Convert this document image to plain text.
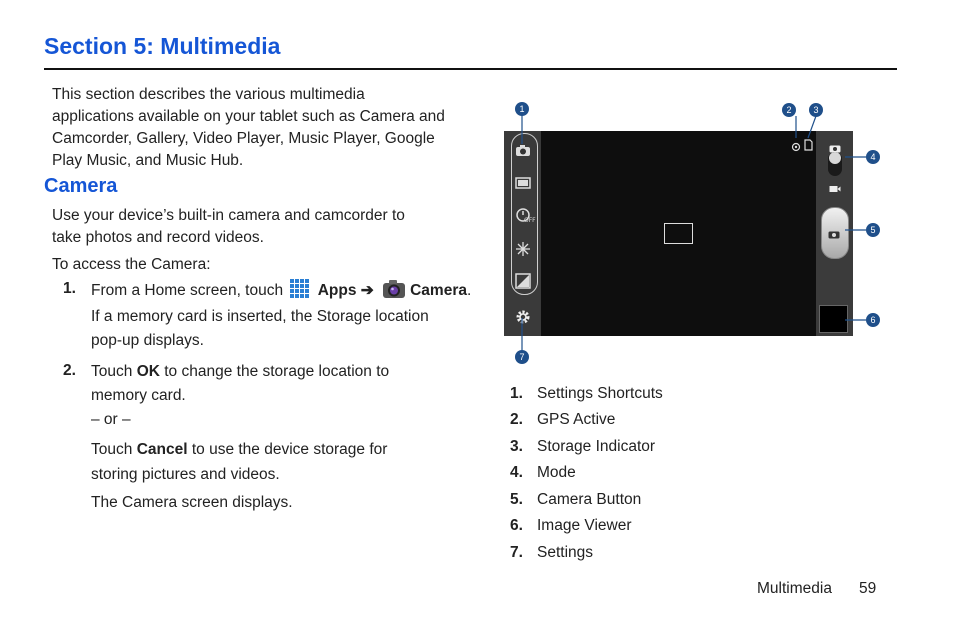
Section 5: Multimedia
This section describes the various multimedia applications available on your tablet such as Camera and Camcorder, Gallery, Video Player, Music Player, Google Play Music, and Music Hub.
Camera
Use your device’s built-in camera and camcorder to take photos and record videos.
To access the Camera:
1. From a Home screen, touch Apps ➔ Camera.
If a memory card is inserted, the Storage location pop-up displays.
2. Touch OK to change the storage location to memory card.
– or –
Touch Cancel to use the device storage for storing pictures and videos.
The Camera screen displays.
OFF
1	2	3
4
5
6
7
1. Settings Shortcuts
2. GPS Active
3. Storage Indicator
4. Mode
5. Camera Button
6. Image Viewer
7. Settings
Multimedia 59
